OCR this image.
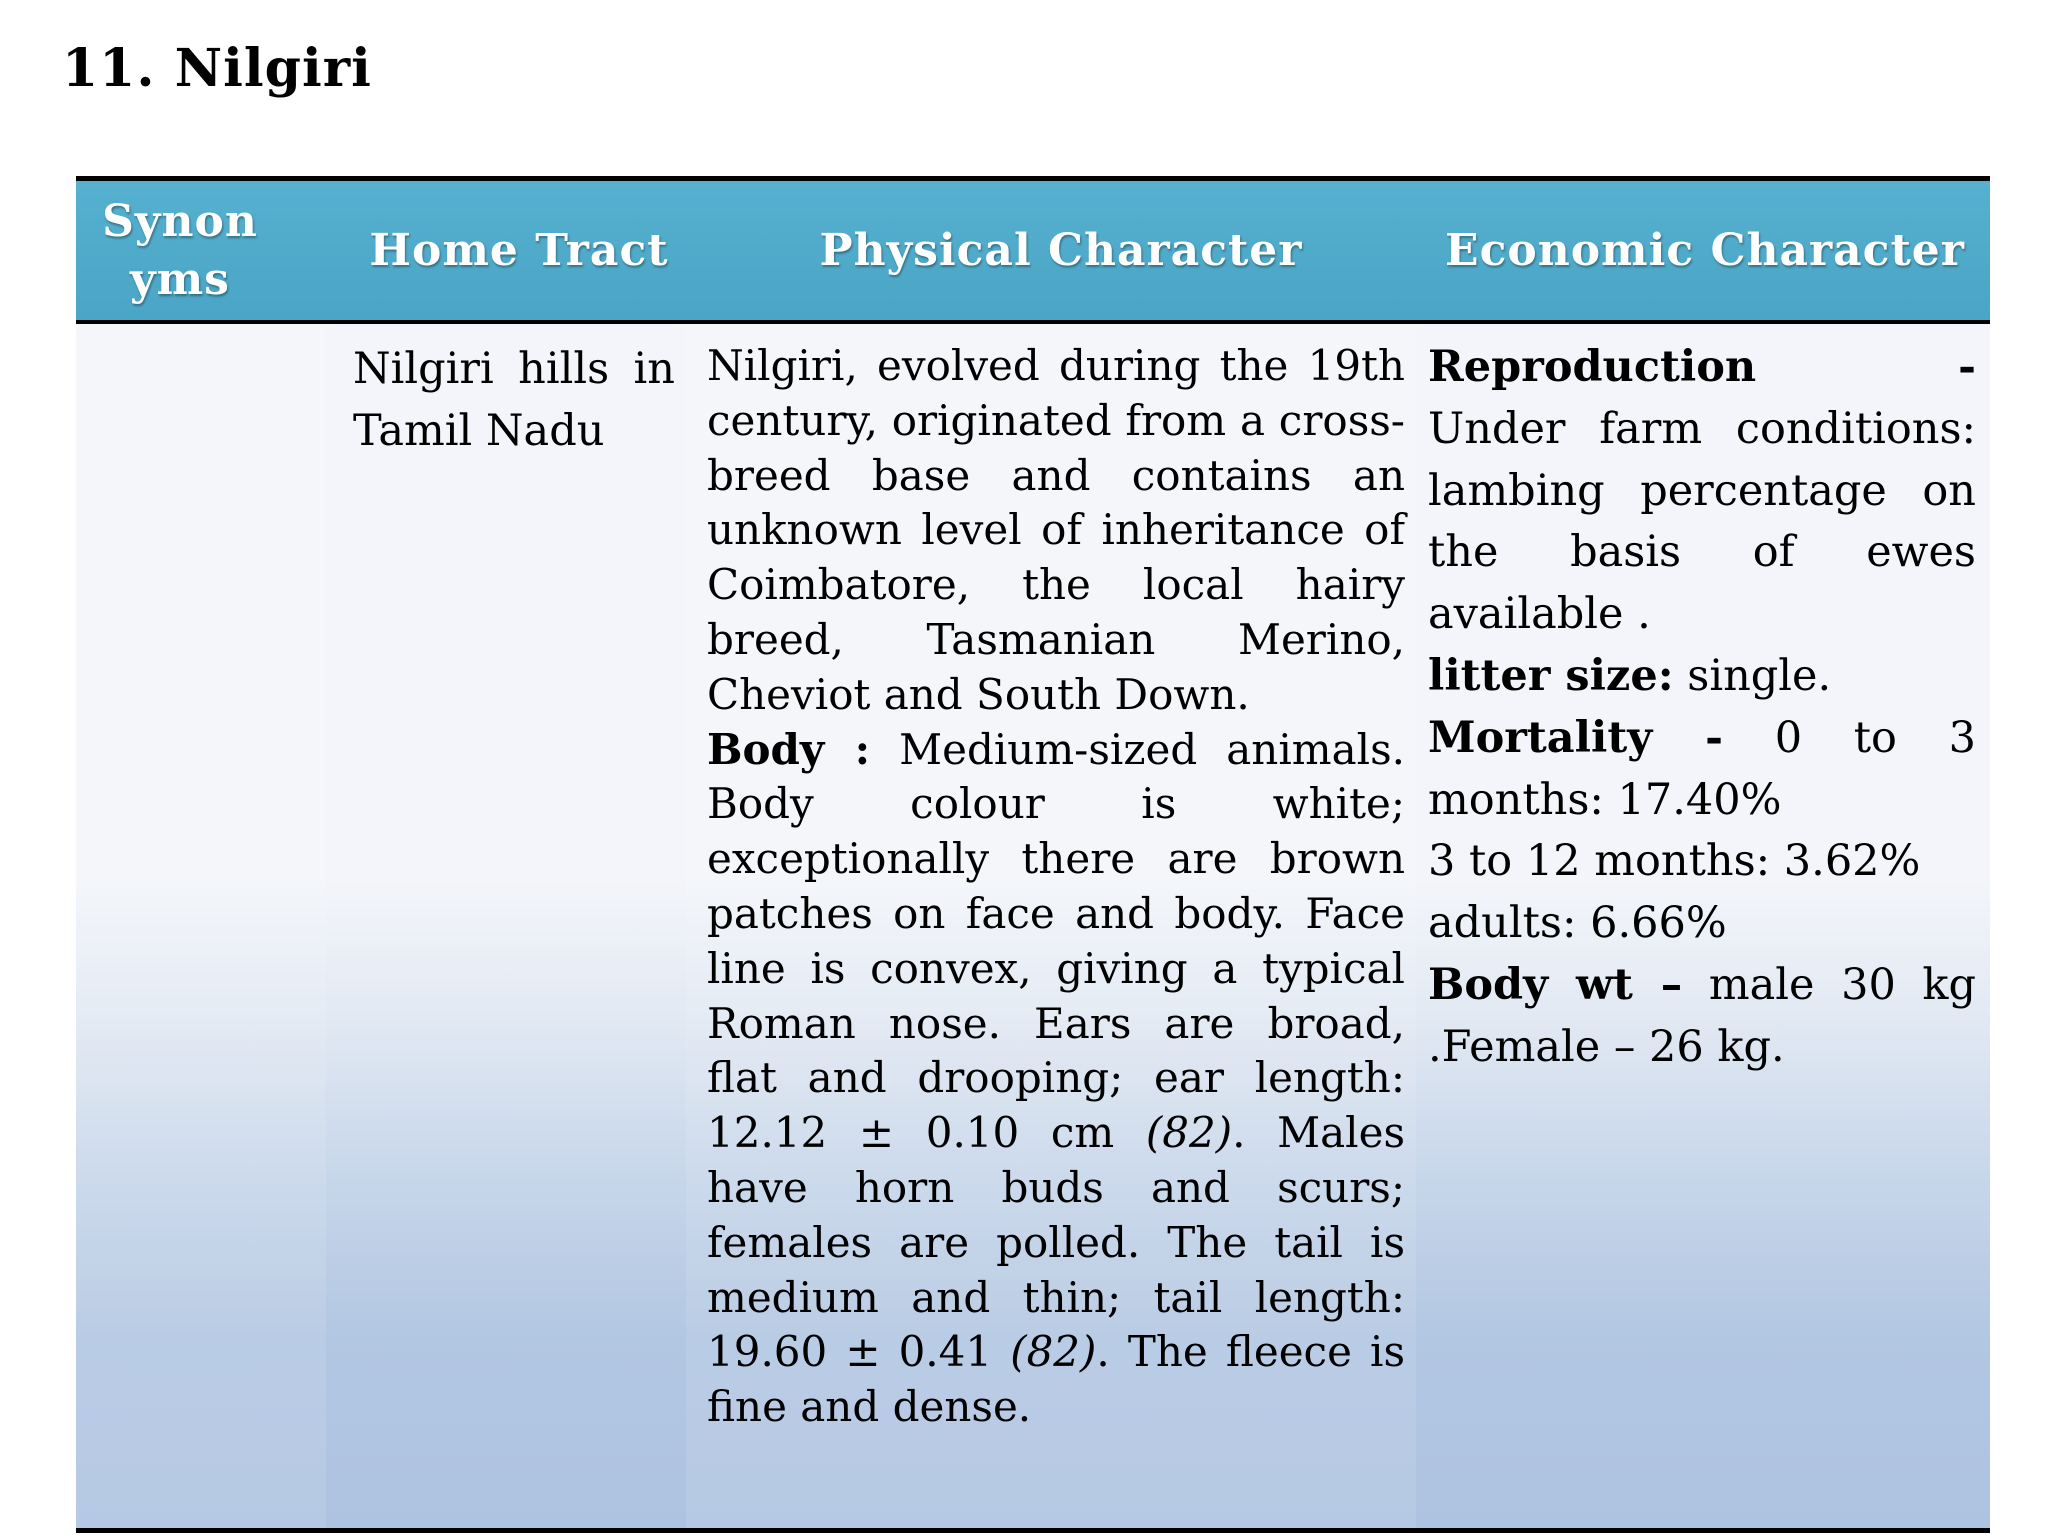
11. Nilgiri
Synonyms
Home Tract	Physical Character	Economic Character
Nilgiri hills in Tamil Nadu

Nilgiri, evolved during the 19th century, originated from a cross-breed base and contains an unknown level of inheritance of Coimbatore, the local hairy breed, Tasmanian Merino, Cheviot and South Down.

Body : Medium-sized animals. Body colour is white; exceptionally there are brown patches on face and body. Face line is convex, giving a typical Roman nose. Ears are broad, flat and drooping; ear length: 12.12 ± 0.10 cm (82). Males have horn buds and scurs; females are polled. The tail is medium and thin; tail length: 19.60 ± 0.41 (82). The fleece is fine and dense.

Reproduction -

Under farm conditions: lambing percentage on the basis of ewes available .

litter size: single.

Mortality - 0 to 3 months: 17.40%

3 to 12 months: 3.62%

adults: 6.66%

Body wt – male 30 kg .Female – 26 kg.
